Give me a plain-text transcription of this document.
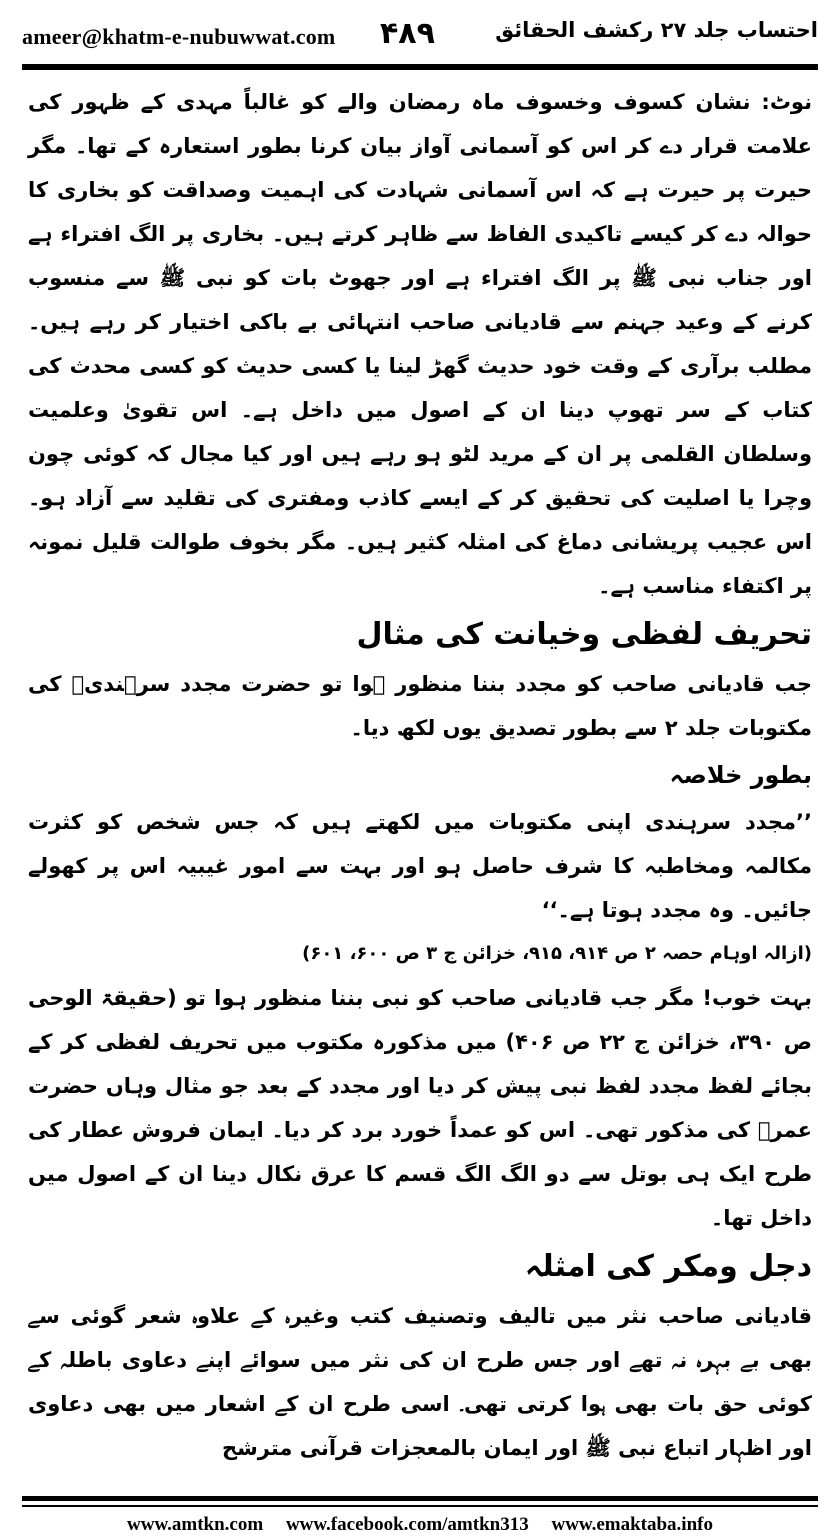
ameer@khatm-e-nubuwwat.com ۴۸۹	احتساب جلد ۲۷ رکشف الحقائق

نوٹ: نشان کسوف وخسوف ماہ رمضان والے کو غالباً مہدی کے ظہور کی علامت قرار دے کر اس کو آسمانی آواز بیان کرنا بطور استعارہ کے تھا۔ مگر حیرت پر حیرت ہے کہ اس آسمانی شہادت کی اہمیت وصداقت کو بخاری کا حوالہ دے کر کیسے تاکیدی الفاظ سے ظاہر کرتے ہیں۔ بخاری پر الگ افتراء ہے اور جناب نبی ﷺ پر الگ افتراء ہے اور جھوٹ بات کو نبی ﷺ سے منسوب کرنے کے وعید جہنم سے قادیانی صاحب انتہائی بے باکی اختیار کر رہے ہیں۔ مطلب برآری کے وقت خود حدیث گھڑ لینا یا کسی حدیث کو کسی محدث کی کتاب کے سر تھوپ دینا ان کے اصول میں داخل ہے۔ اس تقویٰ وعلمیت وسلطان القلمی پر ان کے مرید لٹو ہو رہے ہیں اور کیا مجال کہ کوئی چون وچرا یا اصلیت کی تحقیق کر کے ایسے کاذب ومفتری کی تقلید سے آزاد ہو۔ اس عجیب پریشانی دماغ کی امثلہ کثیر ہیں۔ مگر بخوف طوالت قلیل نمونہ پر اکتفاء مناسب ہے۔

تحریف لفظی وخیانت کی مثال

جب قادیانی صاحب کو مجدد بننا منظور ہوا تو حضرت مجدد سرہندیؒ کی مکتوبات جلد ۲ سے بطور تصدیق یوں لکھ دیا۔

بطور خلاصہ

’’مجدد سرہندی اپنی مکتوبات میں لکھتے ہیں کہ جس شخص کو کثرت مکالمہ ومخاطبہ کا شرف حاصل ہو اور بہت سے امور غیبیہ اس پر کھولے جائیں۔ وہ مجدد ہوتا ہے۔‘‘

(ازالہ اوہام حصہ ۲ ص ۹۱۴، ۹۱۵، خزائن ج ۳ ص ۶۰۰، ۶۰۱)

بہت خوب! مگر جب قادیانی صاحب کو نبی بننا منظور ہوا تو (حقیقۃ الوحی ص ۳۹۰، خزائن ج ۲۲ ص ۴۰۶) میں مذکورہ مکتوب میں تحریف لفظی کر کے بجائے لفظ مجدد لفظ نبی پیش کر دیا اور مجدد کے بعد جو مثال وہاں حضرت عمرؓ کی مذکور تھی۔ اس کو عمداً خورد برد کر دیا۔ ایمان فروش عطار کی طرح ایک ہی بوتل سے دو الگ الگ قسم کا عرق نکال دینا ان کے اصول میں داخل تھا۔

دجل ومکر کی امثلہ

قادیانی صاحب نثر میں تالیف وتصنیف کتب وغیرہ کے علاوہ شعر گوئی سے بھی بے بہرہ نہ تھے اور جس طرح ان کی نثر میں سوائے اپنے دعاوی باطلہ کے کوئی حق بات بھی ہوا کرتی تھی۔ اسی طرح ان کے اشعار میں بھی دعاوی اور اظہار اتباع نبی ﷺ اور ایمان بالمعجزات قرآنی مترشح

www.amtkn.com www.facebook.com/amtkn313 www.emaktaba.info
